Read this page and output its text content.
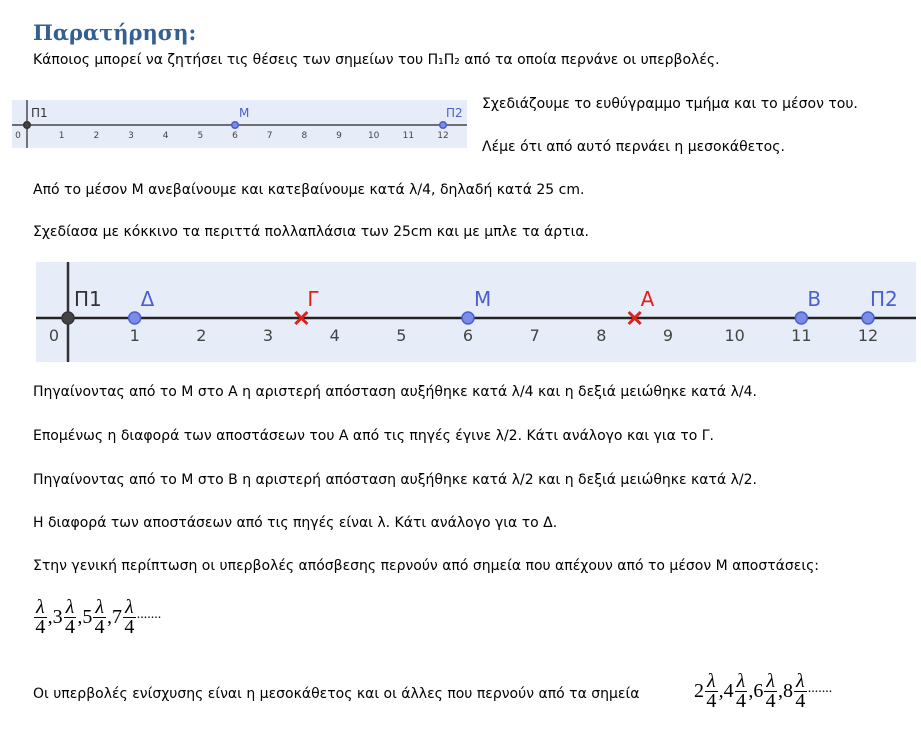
Παρατήρηση:
Κάποιος μπορεί να ζητήσει τις θέσεις των σημείων του Π₁Π₂ από τα οποία περνάνε οι υπερβολές.
0	1	2	3	4	5	6	7	8	9	10	11	12
Π1	Μ	Π2
Σχεδιάζουμε το ευθύγραμμο τμήμα και το μέσον του.
Λέμε ότι από αυτό περνάει η μεσοκάθετος.
Από το μέσον Μ ανεβαίνουμε και κατεβαίνουμε κατά λ/4, δηλαδή κατά 25 cm.
Σχεδίασα με κόκκινο τα περιττά πολλαπλάσια των 25cm και με μπλε τα άρτια.
0	1	2	3	4	5	6	7	8	9	10	11	12
Π1 Δ	Γ	Μ	Α	Β Π2
Πηγαίνοντας από το Μ στο Α η αριστερή απόσταση αυξήθηκε κατά λ/4 και η δεξιά μειώθηκε κατά λ/4.
Επομένως η διαφορά των αποστάσεων του Α από τις πηγές έγινε λ/2. Κάτι ανάλογο και για το Γ.
Πηγαίνοντας από το Μ στο Β η αριστερή απόσταση αυξήθηκε κατά λ/2 και η δεξιά μειώθηκε κατά λ/2.
Η διαφορά των αποστάσεων από τις πηγές είναι λ. Κάτι ανάλογο για το Δ.
Στην γενική περίπτωση οι υπερβολές απόσβεσης περνούν από σημεία που απέχουν από το μέσον Μ αποστάσεις:
$\frac{\lambda}{4}$ , $3 \frac{\lambda}{4}$ , $5 \frac{\lambda}{4}$ , $7 \frac{\lambda}{4}$ .......
Οι υπερβολές ενίσχυσης είναι η μεσοκάθετος και οι άλλες που περνούν από τα σημεία	$2 \frac{\lambda}{4}$ , $4 \frac{\lambda}{4}$ , $6 \frac{\lambda}{4}$ , $8 \frac{\lambda}{4}$ .......
